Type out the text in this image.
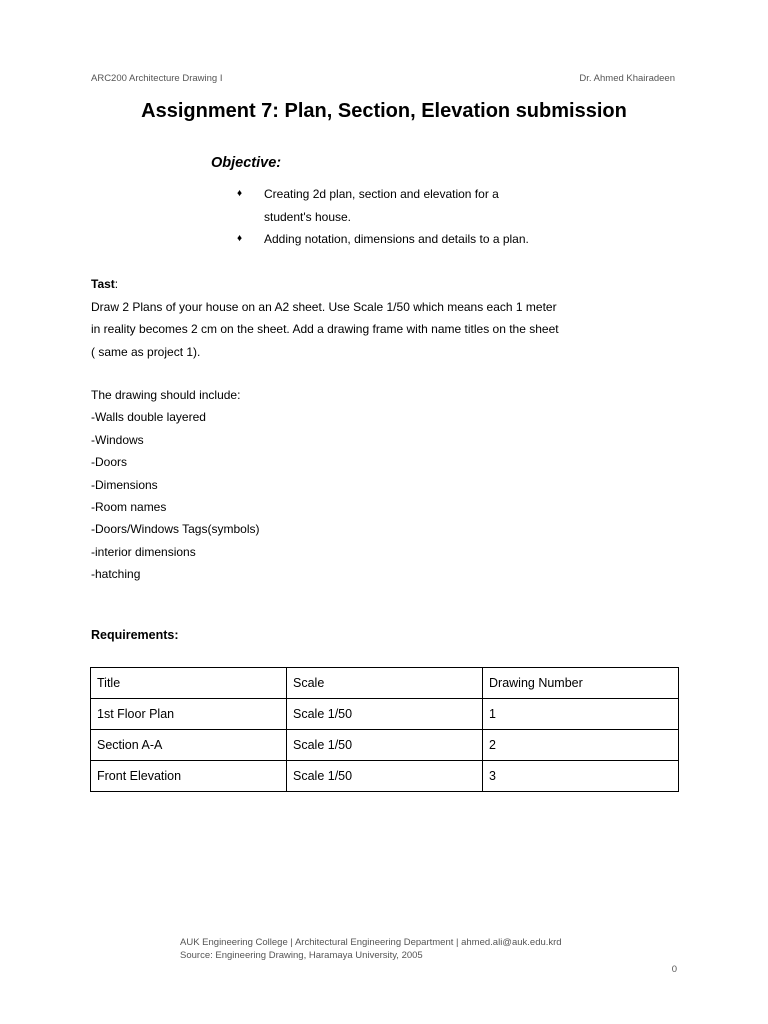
ARC200 Architecture Drawing I	Dr. Ahmed Khairadeen
Assignment 7: Plan, Section, Elevation submission
Objective:
♦ Creating 2d plan, section and elevation for a student's house.
♦ Adding notation, dimensions and details to a plan.
Tast:
Draw 2 Plans of your house on an A2 sheet. Use Scale 1/50 which means each 1 meter in reality becomes 2 cm on the sheet. Add a drawing frame with name titles on the sheet ( same as project 1).
The drawing should include:
-Walls double layered
-Windows
-Doors
-Dimensions
-Room names
-Doors/Windows Tags(symbols)
-interior dimensions
-hatching
Requirements:
Title	Scale	Drawing Number
1st Floor Plan	Scale 1/50	1
Section A-A	Scale 1/50	2
Front Elevation	Scale 1/50	3
AUK Engineering College | Architectural Engineering Department | ahmed.ali@auk.edu.krd
Source: Engineering Drawing, Haramaya University, 2005
0
